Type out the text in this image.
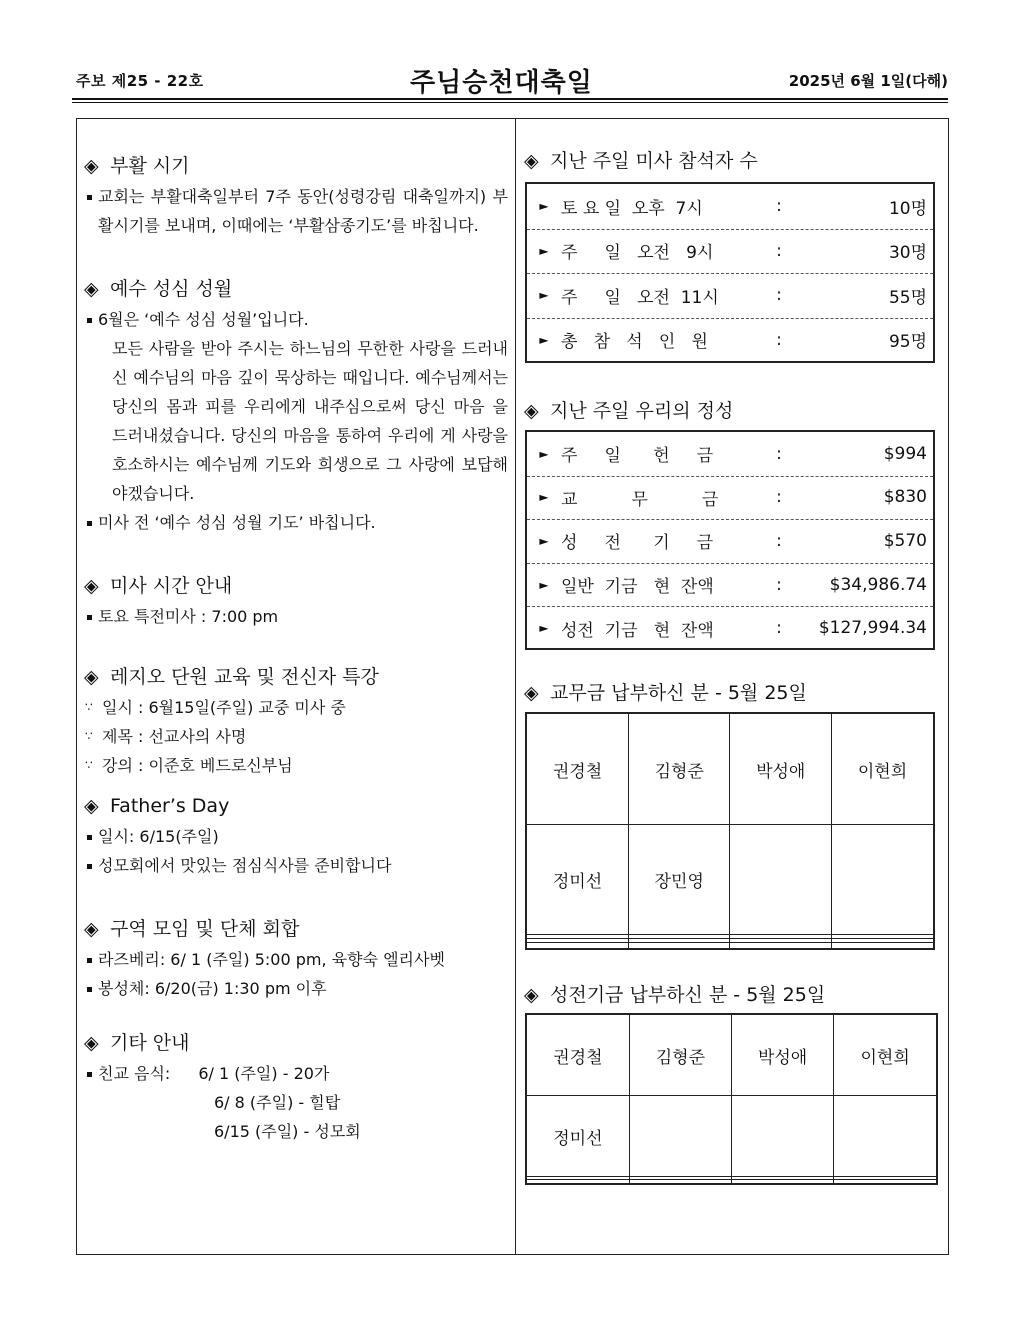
주보 제25 - 22호	주님승천대축일	2025년 6월 1일(다해)
◈ 부활 시기
교회는 부활대축일부터 7주 동안(성령강림 대축일까지) 부활시기를 보내며, 이때에는 ‘부활삼종기도’를 바칩니다.
◈ 예수 성심 성월
6월은 ‘예수 성심 성월’입니다.
모든 사람을 받아 주시는 하느님의 무한한 사랑을 드러내신 예수님의 마음 깊이 묵상하는 때입니다. 예수님께서는 당신의 몸과 피를 우리에게 내주심으로써 당신 마음 을 드러내셨습니다. 당신의 마음을 통하여 우리에 게 사랑을 호소하시는 예수님께 기도와 희생으로 그 사랑에 보답해야겠습니다.
미사 전 ‘예수 성심 성월 기도’ 바칩니다.
◈ 미사 시간 안내
토요 특전미사 : 7:00 pm
◈ 레지오 단원 교육 및 전신자 특강
∵ 일시 : 6월15일(주일) 교중 미사 중
∵ 제목 : 선교사의 사명
∵ 강의 : 이준호 베드로신부님
◈ Father’s Day
일시: 6/15(주일)
성모회에서 맛있는 점심식사를 준비합니다
◈ 구역 모임 및 단체 회합
라즈베리: 6/ 1 (주일) 5:00 pm, 육향숙 엘리사벳
봉성체: 6/20(금) 1:30 pm 이후
◈ 기타 안내
친교 음식: 6/ 1 (주일) - 20가
6/ 8 (주일) - 힐탑
6/15 (주일) - 성모회
◈ 지난 주일 미사 참석자 수
► 토 요 일  오후  7시	:	10명
► 주     일   오전   9시	:	30명
► 주     일   오전  11시	:	55명
► 총   참   석   인   원	:	95명
◈ 지난 주일 우리의 정성
► 주     일      헌     금	:	$994
► 교          무          금	:	$830
► 성     전      기     금	:	$570
► 일반  기금   현  잔액	:	$34,986.74
► 성전  기금   현  잔액	:	$127,994.34
◈ 교무금 납부하신 분 - 5월 25일
권경철	김형준	박성애	이현희
정미선	장민영		

◈ 성전기금 납부하신 분 - 5월 25일
권경철	김형준	박성애	이현희
정미선			
